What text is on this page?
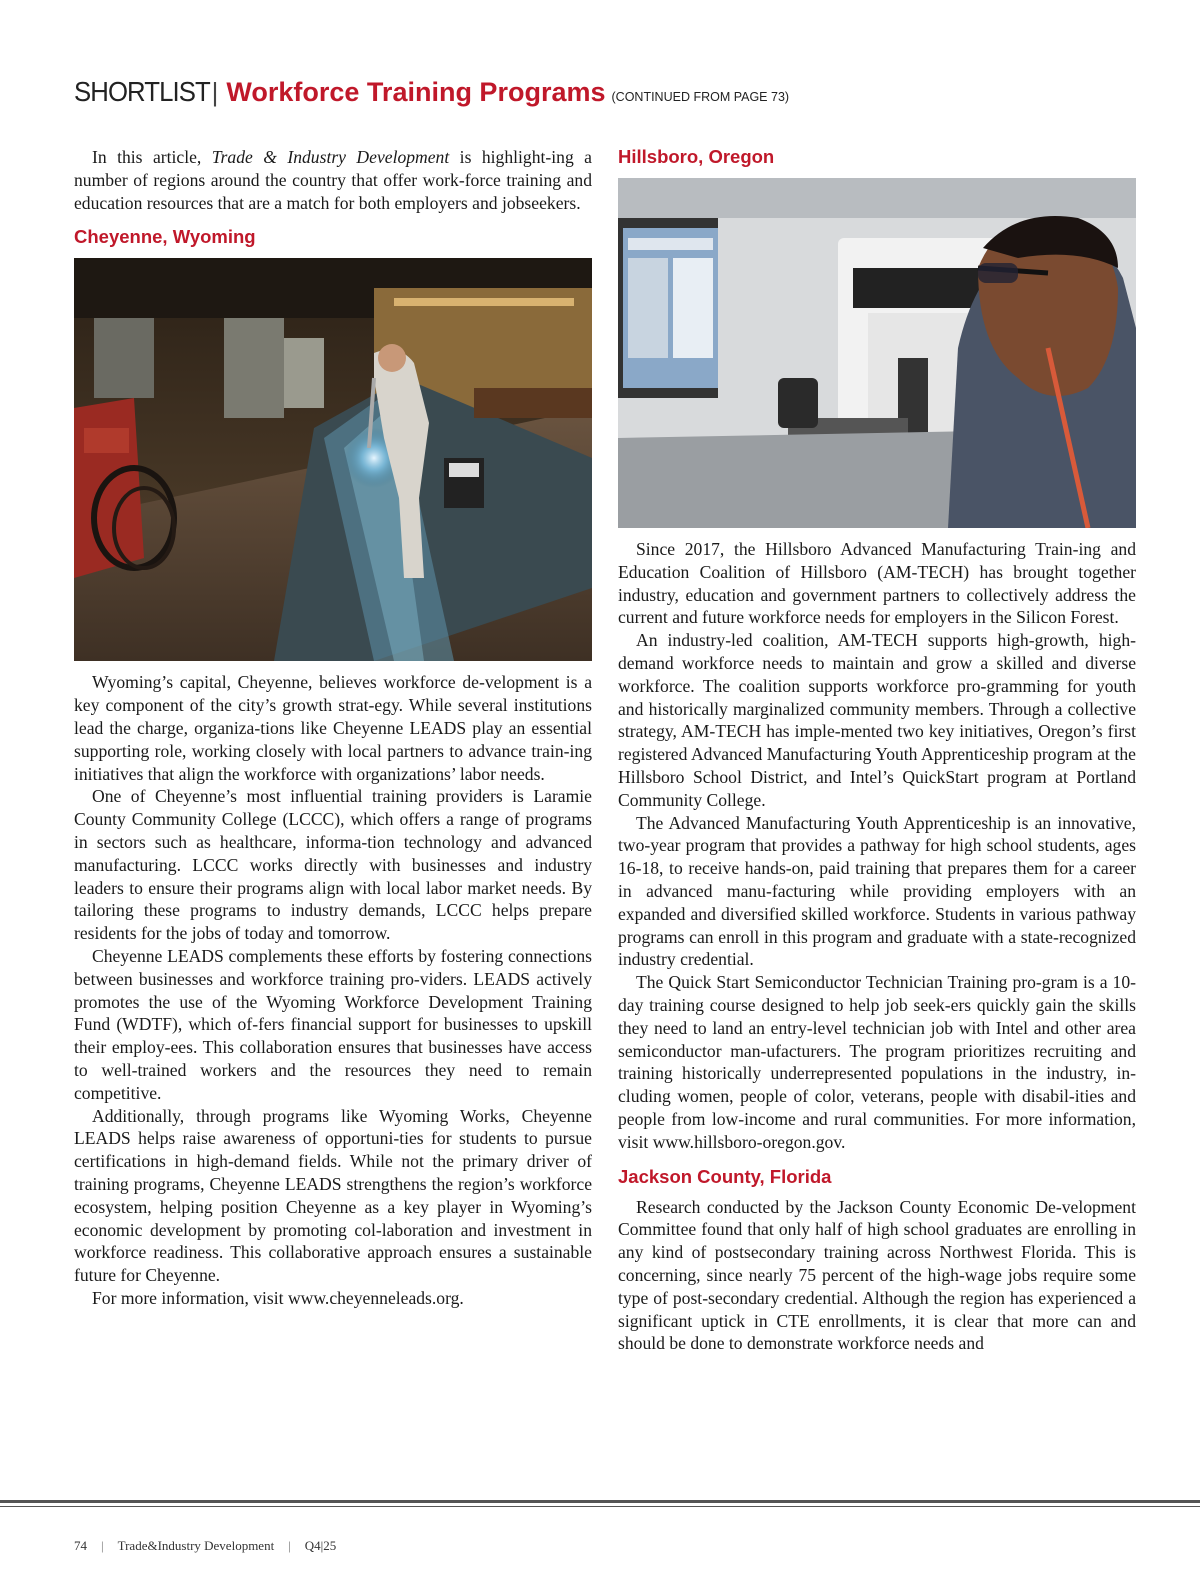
SHORTLIST| Workforce Training Programs (CONTINUED FROM PAGE 73)

In this article, Trade & Industry Development is highlight-ing a number of regions around the country that offer work-force training and education resources that are a match for both employers and jobseekers.

Cheyenne, Wyoming

Wyoming’s capital, Cheyenne, believes workforce de-velopment is a key component of the city’s growth strat-egy. While several institutions lead the charge, organiza-tions like Cheyenne LEADS play an essential supporting role, working closely with local partners to advance train-ing initiatives that align the workforce with organizations’ labor needs.

One of Cheyenne’s most influential training providers is Laramie County Community College (LCCC), which offers a range of programs in sectors such as healthcare, informa-tion technology and advanced manufacturing. LCCC works directly with businesses and industry leaders to ensure their programs align with local labor market needs. By tailoring these programs to industry demands, LCCC helps prepare residents for the jobs of today and tomorrow.

Cheyenne LEADS complements these efforts by fostering connections between businesses and workforce training pro-viders. LEADS actively promotes the use of the Wyoming Workforce Development Training Fund (WDTF), which of-fers financial support for businesses to upskill their employ-ees. This collaboration ensures that businesses have access to well-trained workers and the resources they need to remain competitive.

Additionally, through programs like Wyoming Works, Cheyenne LEADS helps raise awareness of opportuni-ties for students to pursue certifications in high-demand fields. While not the primary driver of training programs, Cheyenne LEADS strengthens the region’s workforce ecosystem, helping position Cheyenne as a key player in Wyoming’s economic development by promoting col-laboration and investment in workforce readiness. This collaborative approach ensures a sustainable future for Cheyenne.

For more information, visit www.cheyenneleads.org.

Hillsboro, Oregon

Since 2017, the Hillsboro Advanced Manufacturing Train-ing and Education Coalition of Hillsboro (AM-TECH) has brought together industry, education and government partners to collectively address the current and future workforce needs for employers in the Silicon Forest.

An industry-led coalition, AM-TECH supports high-growth, high-demand workforce needs to maintain and grow a skilled and diverse workforce. The coalition supports workforce pro-gramming for youth and historically marginalized community members. Through a collective strategy, AM-TECH has imple-mented two key initiatives, Oregon’s first registered Advanced Manufacturing Youth Apprenticeship program at the Hillsboro School District, and Intel’s QuickStart program at Portland Community College.

The Advanced Manufacturing Youth Apprenticeship is an innovative, two-year program that provides a pathway for high school students, ages 16-18, to receive hands-on, paid training that prepares them for a career in advanced manu-facturing while providing employers with an expanded and diversified skilled workforce. Students in various pathway programs can enroll in this program and graduate with a state-recognized industry credential.

The Quick Start Semiconductor Technician Training pro-gram is a 10-day training course designed to help job seek-ers quickly gain the skills they need to land an entry-level technician job with Intel and other area semiconductor man-ufacturers. The program prioritizes recruiting and training historically underrepresented populations in the industry, in-cluding women, people of color, veterans, people with disabil-ities and people from low-income and rural communities. For more information, visit www.hillsboro-oregon.gov.

Jackson County, Florida

Research conducted by the Jackson County Economic De-velopment Committee found that only half of high school graduates are enrolling in any kind of postsecondary training across Northwest Florida. This is concerning, since nearly 75 percent of the high-wage jobs require some type of post-secondary credential. Although the region has experienced a significant uptick in CTE enrollments, it is clear that more can and should be done to demonstrate workforce needs and

74 | Trade&Industry Development | Q4|25
